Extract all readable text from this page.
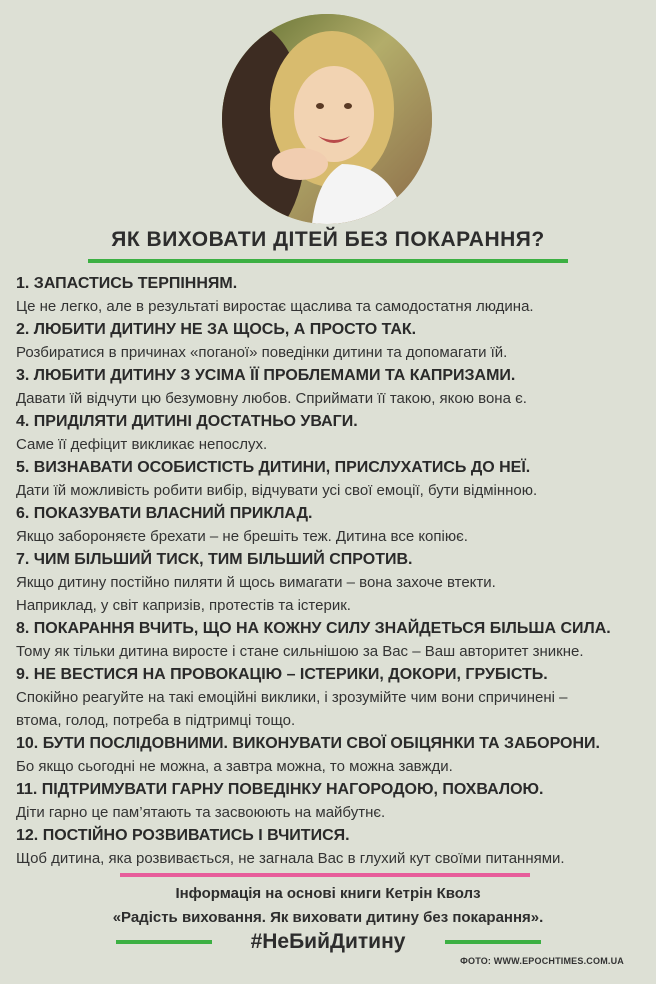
ЯК ВИХОВАТИ ДІТЕЙ БЕЗ ПОКАРАННЯ?
1. ЗАПАСТИСЬ ТЕРПІННЯМ.
Це не легко, але в результаті виростає щаслива та самодостатня людина.
2. ЛЮБИТИ ДИТИНУ НЕ ЗА ЩОСЬ, А ПРОСТО ТАК.
Розбиратися в причинах «поганої» поведінки дитини та допомагати їй.
3. ЛЮБИТИ ДИТИНУ З УСІМА ЇЇ ПРОБЛЕМАМИ ТА КАПРИЗАМИ.
Давати їй відчути цю безумовну любов. Сприймати її такою, якою вона є.
4. ПРИДІЛЯТИ ДИТИНІ ДОСТАТНЬО УВАГИ.
Саме її дефіцит викликає непослух.
5. ВИЗНАВАТИ ОСОБИСТІСТЬ ДИТИНИ, ПРИСЛУХАТИСЬ ДО НЕЇ.
Дати їй можливість робити вибір, відчувати усі свої емоції, бути відмінною.
6. ПОКАЗУВАТИ ВЛАСНИЙ ПРИКЛАД.
Якщо забороняєте брехати – не брешіть теж. Дитина все копіює.
7. ЧИМ БІЛЬШИЙ ТИСК, ТИМ БІЛЬШИЙ СПРОТИВ.
Якщо дитину постійно пиляти й щось вимагати – вона захоче втекти.
Наприклад, у світ капризів, протестів та істерик.
8. ПОКАРАННЯ ВЧИТЬ, ЩО НА КОЖНУ СИЛУ ЗНАЙДЕТЬСЯ БІЛЬША СИЛА.
Тому як тільки дитина виросте і стане сильнішою за Вас – Ваш авторитет зникне.
9. НЕ ВЕСТИСЯ НА ПРОВОКАЦІЮ – ІСТЕРИКИ, ДОКОРИ, ГРУБІСТЬ.
Спокійно реагуйте на такі емоційні виклики, і зрозумійте чим вони спричинені –
втома, голод, потреба в підтримці тощо.
10. БУТИ ПОСЛІДОВНИМИ. ВИКОНУВАТИ СВОЇ ОБІЦЯНКИ ТА ЗАБОРОНИ.
Бо якщо сьогодні не можна, а завтра можна, то можна завжди.
11. ПІДТРИМУВАТИ ГАРНУ ПОВЕДІНКУ НАГОРОДОЮ, ПОХВАЛОЮ.
Діти гарно це пам’ятають та засвоюють на майбутнє.
12. ПОСТІЙНО РОЗВИВАТИСЬ І ВЧИТИСЯ.
Щоб дитина, яка розвивається, не загнала Вас в глухий кут своїми питаннями.
Інформація на основі книги Кетрін Кволз
«Радість виховання. Як виховати дитину без покарання».
#НеБийДитину
ФОТО: WWW.EPOCHTIMES.COM.UA
